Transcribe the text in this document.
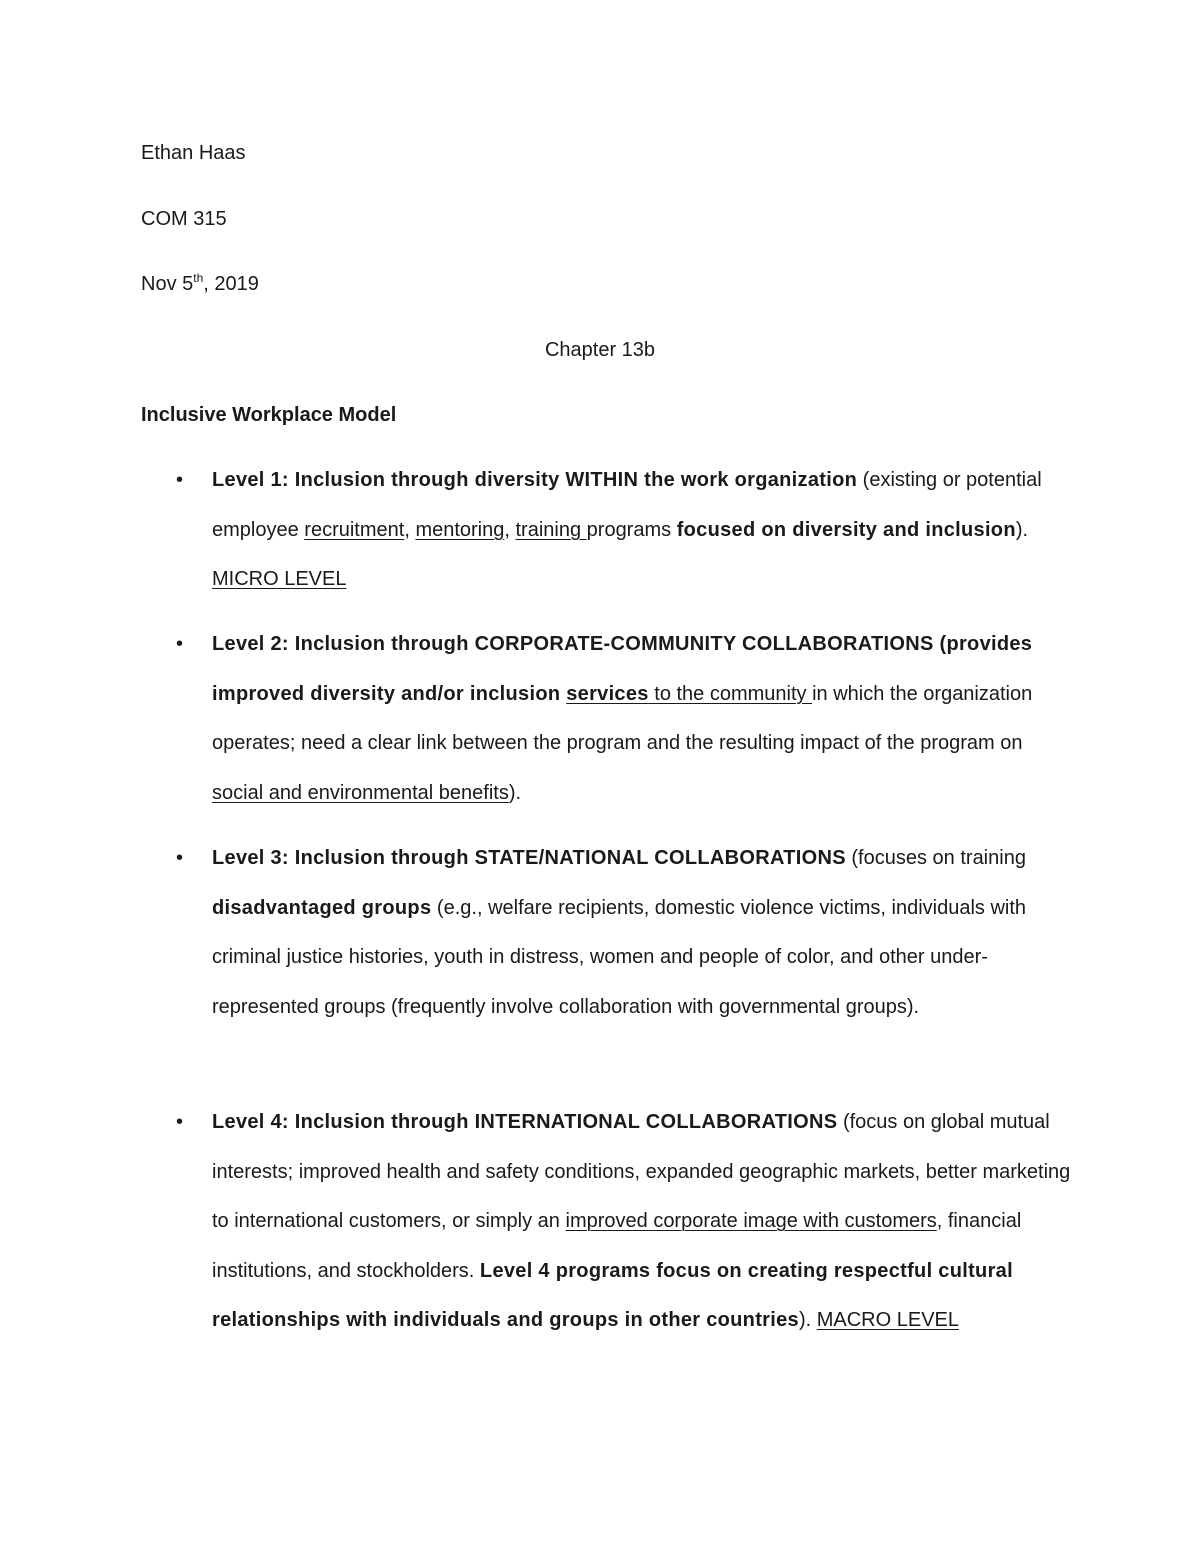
Ethan Haas
COM 315
Nov 5th, 2019
Chapter 13b
Inclusive Workplace Model
• Level 1: Inclusion through diversity WITHIN the work organization (existing or potential employee recruitment, mentoring, training programs focused on diversity and inclusion). MICRO LEVEL

• Level 2: Inclusion through CORPORATE-COMMUNITY COLLABORATIONS (provides improved diversity and/or inclusion services to the community in which the organization operates; need a clear link between the program and the resulting impact of the program on social and environmental benefits).

• Level 3: Inclusion through STATE/NATIONAL COLLABORATIONS (focuses on training disadvantaged groups (e.g., welfare recipients, domestic violence victims, individuals with criminal justice histories, youth in distress, women and people of color, and other under-represented groups (frequently involve collaboration with governmental groups).

• Level 4: Inclusion through INTERNATIONAL COLLABORATIONS (focus on global mutual interests; improved health and safety conditions, expanded geographic markets, better marketing to international customers, or simply an improved corporate image with customers, financial institutions, and stockholders. Level 4 programs focus on creating respectful cultural relationships with individuals and groups in other countries). MACRO LEVEL
